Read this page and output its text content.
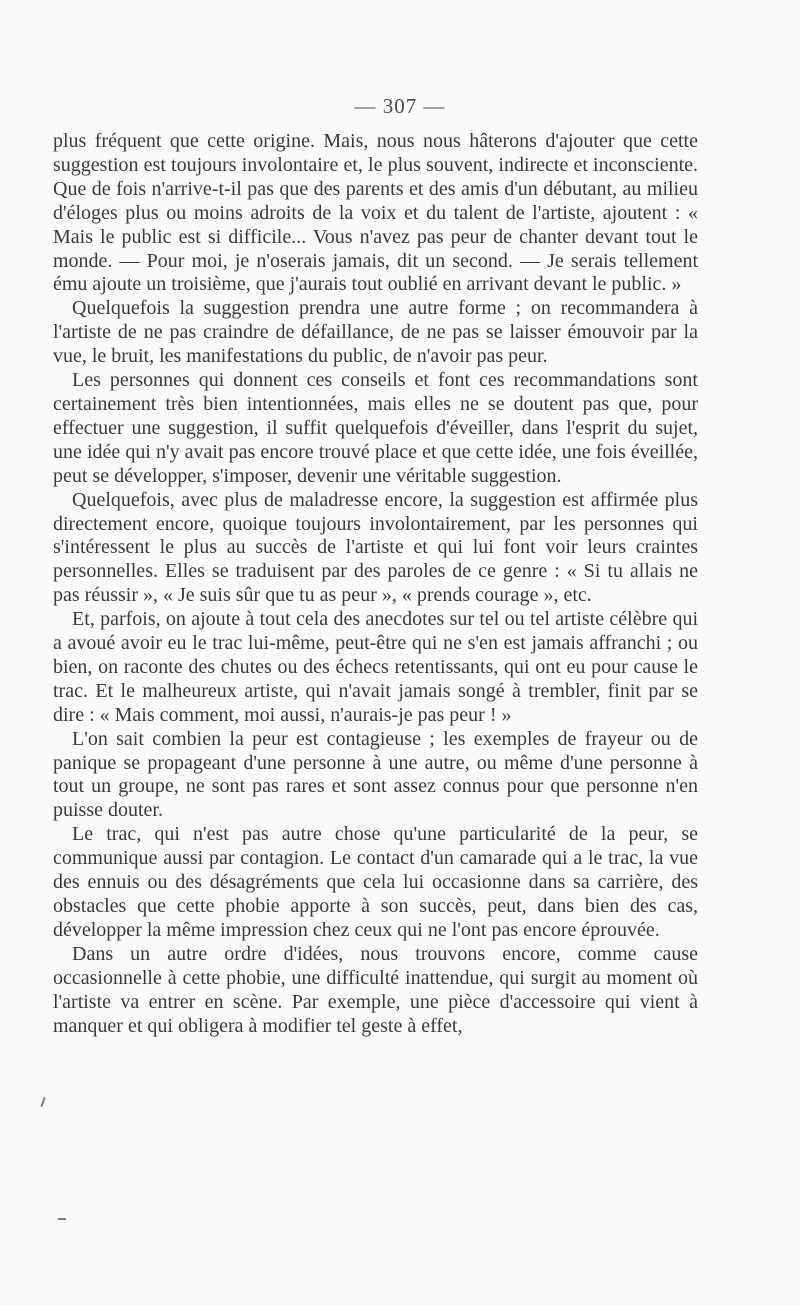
— 307 —

plus fréquent que cette origine. Mais, nous nous hâterons d'ajouter que cette suggestion est toujours involontaire et, le plus souvent, indirecte et inconsciente. Que de fois n'arrive-t-il pas que des parents et des amis d'un débutant, au milieu d'éloges plus ou moins adroits de la voix et du talent de l'artiste, ajoutent : « Mais le public est si difficile... Vous n'avez pas peur de chanter devant tout le monde. — Pour moi, je n'oserais jamais, dit un second. — Je serais tellement ému ajoute un troisième, que j'aurais tout oublié en arrivant devant le public. »

Quelquefois la suggestion prendra une autre forme ; on recommandera à l'artiste de ne pas craindre de défaillance, de ne pas se laisser émouvoir par la vue, le bruit, les manifestations du public, de n'avoir pas peur.

Les personnes qui donnent ces conseils et font ces recommandations sont certainement très bien intentionnées, mais elles ne se doutent pas que, pour effectuer une suggestion, il suffit quelquefois d'éveiller, dans l'esprit du sujet, une idée qui n'y avait pas encore trouvé place et que cette idée, une fois éveillée, peut se développer, s'imposer, devenir une véritable suggestion.

Quelquefois, avec plus de maladresse encore, la suggestion est affirmée plus directement encore, quoique toujours involontairement, par les personnes qui s'intéressent le plus au succès de l'artiste et qui lui font voir leurs craintes personnelles. Elles se traduisent par des paroles de ce genre : « Si tu allais ne pas réussir », « Je suis sûr que tu as peur », « prends courage », etc.

Et, parfois, on ajoute à tout cela des anecdotes sur tel ou tel artiste célèbre qui a avoué avoir eu le trac lui-même, peut-être qui ne s'en est jamais affranchi ; ou bien, on raconte des chutes ou des échecs retentissants, qui ont eu pour cause le trac. Et le malheureux artiste, qui n'avait jamais songé à trembler, finit par se dire : « Mais comment, moi aussi, n'aurais-je pas peur ! »

L'on sait combien la peur est contagieuse ; les exemples de frayeur ou de panique se propageant d'une personne à une autre, ou même d'une personne à tout un groupe, ne sont pas rares et sont assez connus pour que personne n'en puisse douter.

Le trac, qui n'est pas autre chose qu'une particularité de la peur, se communique aussi par contagion. Le contact d'un camarade qui a le trac, la vue des ennuis ou des désagréments que cela lui occasionne dans sa carrière, des obstacles que cette phobie apporte à son succès, peut, dans bien des cas, développer la même impression chez ceux qui ne l'ont pas encore éprouvée.

Dans un autre ordre d'idées, nous trouvons encore, comme cause occasionnelle à cette phobie, une difficulté inattendue, qui surgit au moment où l'artiste va entrer en scène. Par exemple, une pièce d'accessoire qui vient à manquer et qui obligera à modifier tel geste à effet,
